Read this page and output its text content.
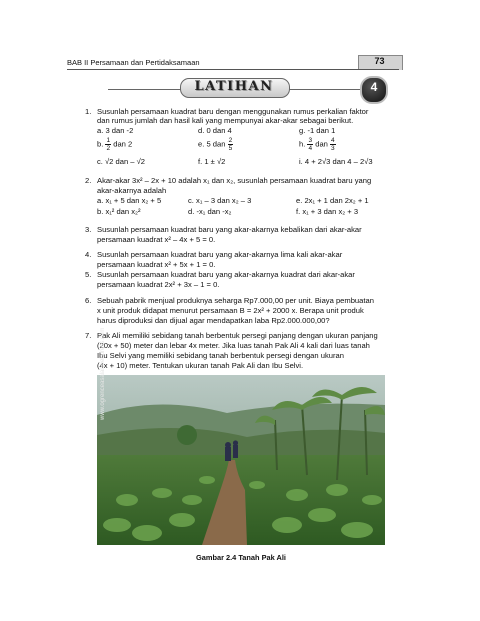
BAB II Persamaan dan Pertidaksamaan	73
LATIHAN	4
1. Susunlah persamaan kuadrat baru dengan menggunakan rumus perkalian faktor
dan rumus jumlah dan hasil kali yang mempunyai akar-akar sebagai berikut.
a. 3 dan -2	d. 0 dan 4	g. -1 dan 1
b. $\frac{1}{2}$ dan 2	e. 5 dan $\frac{2}{5}$	h. $\frac{3}{4}$ dan $\frac{4}{3}$
c. √2 dan – √2	f. 1 ± √2	i. 4 + 2√3 dan 4 – 2√3
2. Akar-akar 3x² – 2x + 10 adalah x₁ dan x₂, susunlah persamaan kuadrat baru yang
akar-akarnya adalah
a. x₁ + 5 dan x₂ + 5	c. x₁ – 3 dan x₂ – 3	e. 2x₁ + 1 dan 2x₂ + 1
b. x₁² dan x₂²	d. -x₁ dan -x₂	f. x₁ + 3 dan x₂ + 3
3. Susunlah persamaan kuadrat baru yang akar-akarnya kebalikan dari akar-akar
persamaan kuadrat x² – 4x + 5 = 0.
4. Susunlah persamaan kuadrat baru yang akar-akarnya lima kali akar-akar
persamaan kuadrat x² + 5x + 1 = 0.
5. Susunlah persamaan kuadrat baru yang akar-akarnya kuadrat dari akar-akar
persamaan kuadrat 2x² + 3x – 1 = 0.
6. Sebuah pabrik menjual produknya seharga Rp7.000,00 per unit. Biaya pembuatan
x unit produk didapat menurut persamaan B = 2x² + 2000 x. Berapa unit produk
harus diproduksi dan dijual agar mendapatkan laba Rp2.000.000,00?
7. Pak Ali memiliki sebidang tanah berbentuk persegi panjang dengan ukuran panjang
(20x + 50) meter dan lebar 4x meter. Jika luas tanah Pak Ali 4 kali dari luas tanah
Ibu Selvi yang memiliki sebidang tanah berbentuk persegi dengan ukuran
(4x + 10) meter. Tentukan ukuran tanah Pak Ali dan Ibu Selvi.
www.ogrenceasalanwebpress.com
Gambar 2.4 Tanah Pak Ali
